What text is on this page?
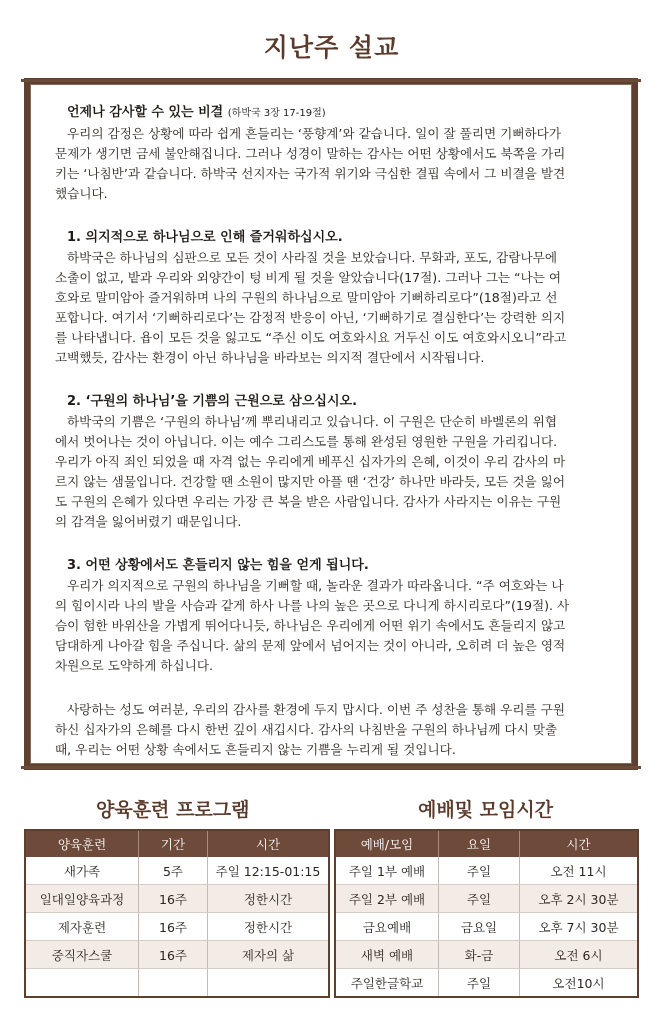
지난주 설교
언제나 감사할 수 있는 비결 (하박국 3장 17-19절)
우리의 감정은 상황에 따라 쉽게 흔들리는 ‘풍향계’와 같습니다. 일이 잘 풀리면 기뻐하다가
문제가 생기면 금세 불안해집니다. 그러나 성경이 말하는 감사는 어떤 상황에서도 북쪽을 가리
키는 ‘나침반’과 같습니다. 하박국 선지자는 국가적 위기와 극심한 결핍 속에서 그 비결을 발견
했습니다.
1. 의지적으로 하나님으로 인해 즐거워하십시오.
하박국은 하나님의 심판으로 모든 것이 사라질 것을 보았습니다. 무화과, 포도, 감람나무에
소출이 없고, 밭과 우리와 외양간이 텅 비게 될 것을 알았습니다(17절). 그러나 그는 “나는 여
호와로 말미암아 즐거워하며 나의 구원의 하나님으로 말미암아 기뻐하리로다”(18절)라고 선
포합니다. 여기서 ‘기뻐하리로다’는 감정적 반응이 아닌, ‘기뻐하기로 결심한다’는 강력한 의지
를 나타냅니다. 욥이 모든 것을 잃고도 “주신 이도 여호와시요 거두신 이도 여호와시오니”라고
고백했듯, 감사는 환경이 아닌 하나님을 바라보는 의지적 결단에서 시작됩니다.
2. ‘구원의 하나님’을 기쁨의 근원으로 삼으십시오.
하박국의 기쁨은 ‘구원의 하나님’께 뿌리내리고 있습니다. 이 구원은 단순히 바벨론의 위협
에서 벗어나는 것이 아닙니다. 이는 예수 그리스도를 통해 완성된 영원한 구원을 가리킵니다.
우리가 아직 죄인 되었을 때 자격 없는 우리에게 베푸신 십자가의 은혜, 이것이 우리 감사의 마
르지 않는 샘물입니다. 건강할 땐 소원이 많지만 아플 땐 ‘건강’ 하나만 바라듯, 모든 것을 잃어
도 구원의 은혜가 있다면 우리는 가장 큰 복을 받은 사람입니다. 감사가 사라지는 이유는 구원
의 감격을 잃어버렸기 때문입니다.
3. 어떤 상황에서도 흔들리지 않는 힘을 얻게 됩니다.
우리가 의지적으로 구원의 하나님을 기뻐할 때, 놀라운 결과가 따라옵니다. “주 여호와는 나
의 힘이시라 나의 발을 사슴과 같게 하사 나를 나의 높은 곳으로 다니게 하시리로다”(19절). 사
슴이 험한 바위산을 가볍게 뛰어다니듯, 하나님은 우리에게 어떤 위기 속에서도 흔들리지 않고
담대하게 나아갈 힘을 주십니다. 삶의 문제 앞에서 넘어지는 것이 아니라, 오히려 더 높은 영적
차원으로 도약하게 하십니다.
사랑하는 성도 여러분, 우리의 감사를 환경에 두지 맙시다. 이번 주 성찬을 통해 우리를 구원
하신 십자가의 은혜를 다시 한번 깊이 새깁시다. 감사의 나침반을 구원의 하나님께 다시 맞출
때, 우리는 어떤 상황 속에서도 흔들리지 않는 기쁨을 누리게 될 것입니다.
양육훈련 프로그램	예배및 모임시간
양육훈련	기간	시간
새가족	5주	주일 12:15-01:15
일대일양육과정	16주	정한시간
제자훈련	16주	정한시간
중직자스쿨	16주	제자의 삶

예배/모임	요일	시간
주일 1부 예배	주일	오전 11시
주일 2부 예배	주일	오후 2시 30분
금요예배	금요일	오후 7시 30분
새벽 예배	화-금	오전 6시
주일한글학교	주일	오전10시
